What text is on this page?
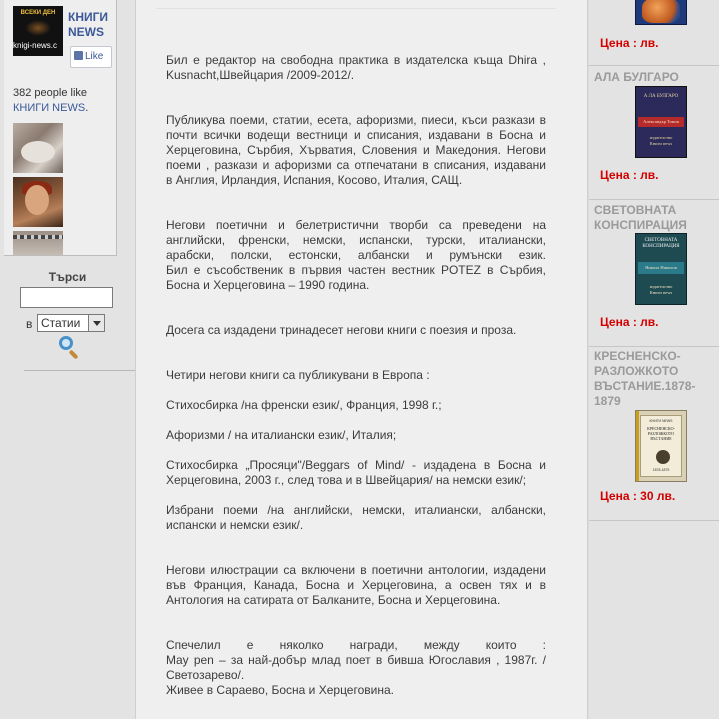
ВСЕКИ ДЕН
knigi-news.c
КНИГИ
NEWS
Like
382 people like
КНИГИ NEWS.
Търси
в Статии
Бил е редактор на свободна практика в издателска къща Dhira ,
Kusnacht,Швейцария /2009-2012/.
Публикува поеми, статии, есета, афоризми, пиеси, къси разкази в
почти всички водещи вестници и списания, издавани в Босна и
Херцеговина, Сърбия, Хърватия, Словения и Македония. Негови
поеми , разкази и афоризми са отпечатани в списания, издавани
в Англия, Ирландия, Испания, Косово, Италия, САЩ.
Негови поетични и белетристични творби са преведени на
английски, френски, немски, испански, турски, италиански,
арабски, полски, естонски, албански и румънски език.
Бил е съсобственик в първия частен вестник POTEZ в Сърбия,
Босна и Херцеговина – 1990 година.
Досега са издадени тринадесет негови книги с поезия и проза.
Четири негови книги са публикувани в Европа :
Стихосбирка /на френски език/, Франция, 1998 г.;
Афоризми / на италиански език/, Италия;
Стихосбирка „Просяци"/Beggars of Mind/ - издадена в Босна и
Херцеговина, 2003 г., след това и в Швейцария/ на немски език/;
Избрани поеми /на английски, немски, италиански, албански,
испански и немски език/.
Негови илюстрации са включени в поетични антологии, издадени
във Франция, Канада, Босна и Херцеговина, а освен тях и в
Антология на сатирата от Балканите, Босна и Херцеговина.
Спечелил е няколко награди, между които :
May pen – за най-добър млад поет в бивша Югославия , 1987г. /
Светозарево/.
Живее в Сараево, Босна и Херцеговина.
Цена : лв.
АЛА БУЛГАРО
А ЛА БУЛГАРО
Александър Томов
издателство
Книги news
Цена : лв.
СВЕТОВНАТА КОНСПИРАЦИЯ
СВЕТОВНАТА КОНСПИРАЦИЯ
Никола Николов
издателство
Книги news
Цена : лв.
КРЕСНЕНСКО-РАЗЛОЖКОТО ВЪСТАНИЕ.1878-1879
КНИГИ NEWS
КРЕСНЕНСКО- РАЗЛОЖКОТО ВЪСТАНИЕ
1878-1879
Цена : 30 лв.
